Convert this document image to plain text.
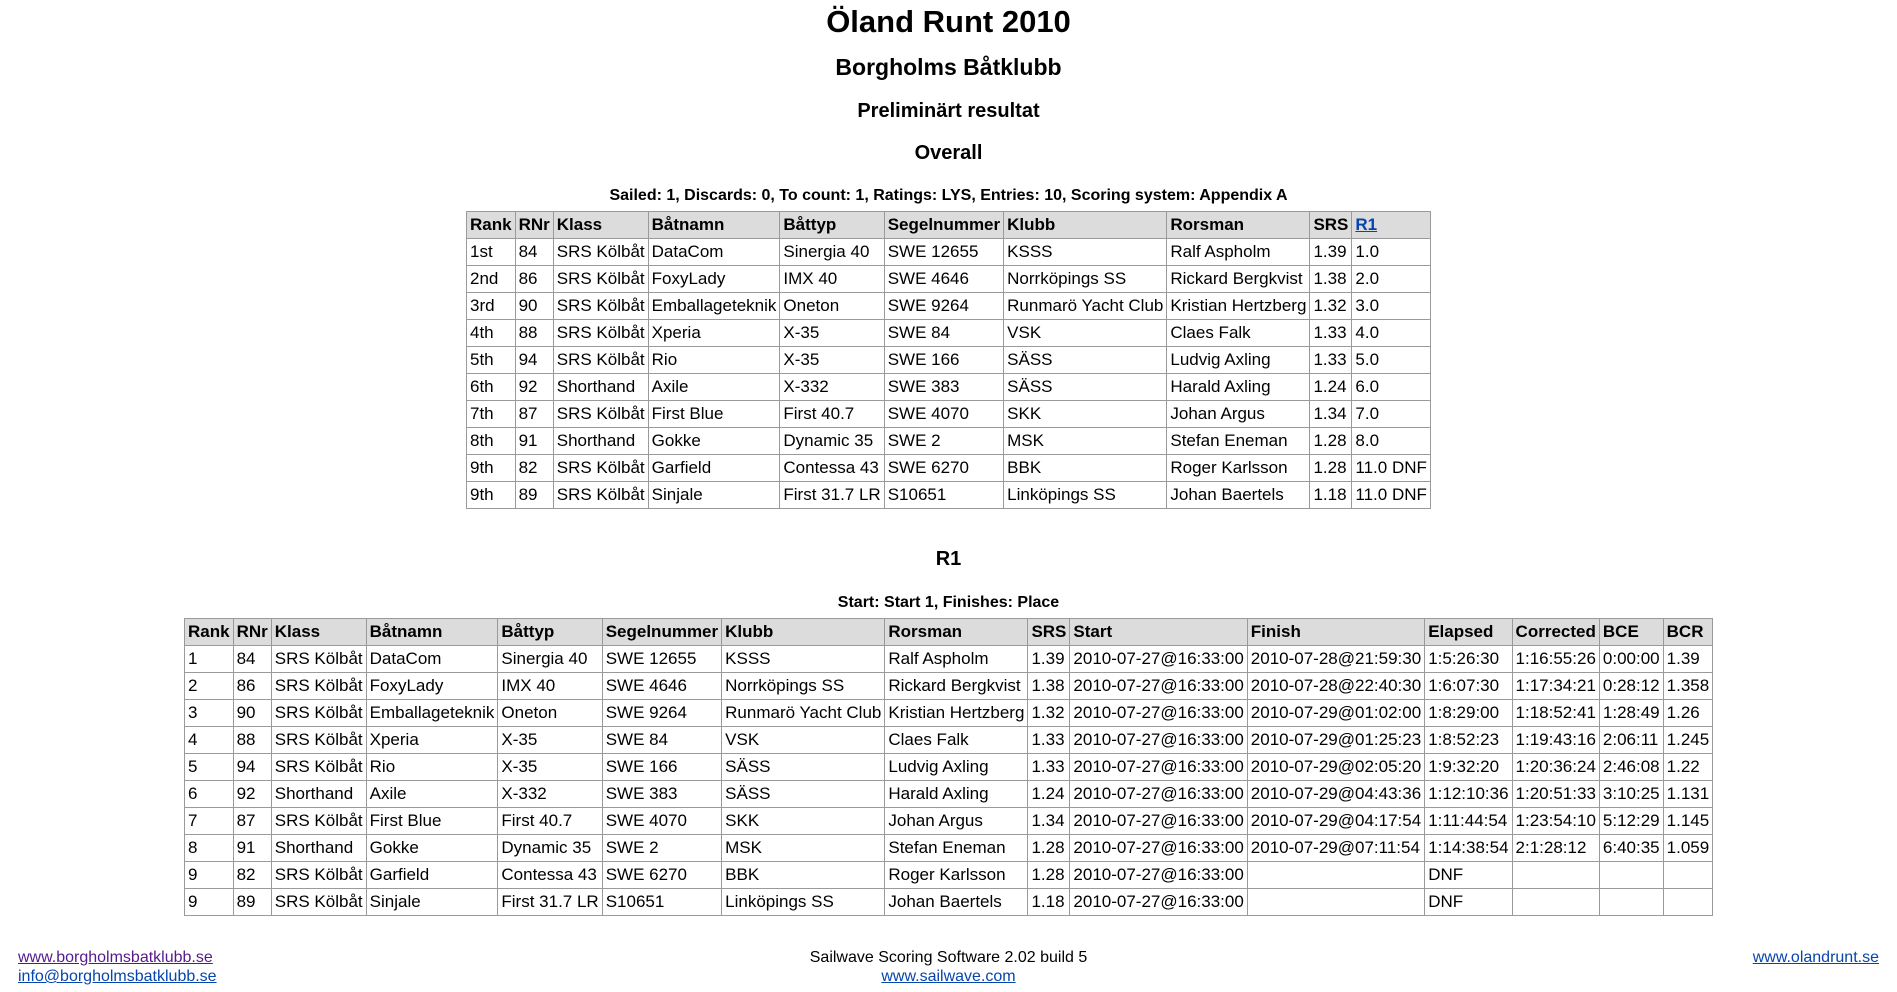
Öland Runt 2010
Borgholms Båtklubb
Preliminärt resultat
Overall
Sailed: 1, Discards: 0, To count: 1, Ratings: LYS, Entries: 10, Scoring system: Appendix A
Rank	RNr	Klass	Båtnamn	Båttyp	Segelnummer	Klubb	Rorsman	SRS	R1
1st	84	SRS Kölbåt	DataCom	Sinergia 40	SWE 12655	KSSS	Ralf Aspholm	1.39	1.0
2nd	86	SRS Kölbåt	FoxyLady	IMX 40	SWE 4646	Norrköpings SS	Rickard Bergkvist	1.38	2.0
3rd	90	SRS Kölbåt	Emballageteknik	Oneton	SWE 9264	Runmarö Yacht Club	Kristian Hertzberg	1.32	3.0
4th	88	SRS Kölbåt	Xperia	X-35	SWE 84	VSK	Claes Falk	1.33	4.0
5th	94	SRS Kölbåt	Rio	X-35	SWE 166	SÄSS	Ludvig Axling	1.33	5.0
6th	92	Shorthand	Axile	X-332	SWE 383	SÄSS	Harald Axling	1.24	6.0
7th	87	SRS Kölbåt	First Blue	First 40.7	SWE 4070	SKK	Johan Argus	1.34	7.0
8th	91	Shorthand	Gokke	Dynamic 35	SWE 2	MSK	Stefan Eneman	1.28	8.0
9th	82	SRS Kölbåt	Garfield	Contessa 43	SWE 6270	BBK	Roger Karlsson	1.28	11.0 DNF
9th	89	SRS Kölbåt	Sinjale	First 31.7 LR	S10651	Linköpings SS	Johan Baertels	1.18	11.0 DNF
R1
Start: Start 1, Finishes: Place
Rank	RNr	Klass	Båtnamn	Båttyp	Segelnummer	Klubb	Rorsman	SRS	Start	Finish	Elapsed	Corrected	BCE	BCR
1	84	SRS Kölbåt	DataCom	Sinergia 40	SWE 12655	KSSS	Ralf Aspholm	1.39	2010-07-27@16:33:00	2010-07-28@21:59:30	1:5:26:30	1:16:55:26	0:00:00	1.39
2	86	SRS Kölbåt	FoxyLady	IMX 40	SWE 4646	Norrköpings SS	Rickard Bergkvist	1.38	2010-07-27@16:33:00	2010-07-28@22:40:30	1:6:07:30	1:17:34:21	0:28:12	1.358
3	90	SRS Kölbåt	Emballageteknik	Oneton	SWE 9264	Runmarö Yacht Club	Kristian Hertzberg	1.32	2010-07-27@16:33:00	2010-07-29@01:02:00	1:8:29:00	1:18:52:41	1:28:49	1.26
4	88	SRS Kölbåt	Xperia	X-35	SWE 84	VSK	Claes Falk	1.33	2010-07-27@16:33:00	2010-07-29@01:25:23	1:8:52:23	1:19:43:16	2:06:11	1.245
5	94	SRS Kölbåt	Rio	X-35	SWE 166	SÄSS	Ludvig Axling	1.33	2010-07-27@16:33:00	2010-07-29@02:05:20	1:9:32:20	1:20:36:24	2:46:08	1.22
6	92	Shorthand	Axile	X-332	SWE 383	SÄSS	Harald Axling	1.24	2010-07-27@16:33:00	2010-07-29@04:43:36	1:12:10:36	1:20:51:33	3:10:25	1.131
7	87	SRS Kölbåt	First Blue	First 40.7	SWE 4070	SKK	Johan Argus	1.34	2010-07-27@16:33:00	2010-07-29@04:17:54	1:11:44:54	1:23:54:10	5:12:29	1.145
8	91	Shorthand	Gokke	Dynamic 35	SWE 2	MSK	Stefan Eneman	1.28	2010-07-27@16:33:00	2010-07-29@07:11:54	1:14:38:54	2:1:28:12	6:40:35	1.059
9	82	SRS Kölbåt	Garfield	Contessa 43	SWE 6270	BBK	Roger Karlsson	1.28	2010-07-27@16:33:00		DNF			
9	89	SRS Kölbåt	Sinjale	First 31.7 LR	S10651	Linköpings SS	Johan Baertels	1.18	2010-07-27@16:33:00		DNF			
www.borgholmsbatklubb.se
info@borgholmsbatklubb.se
Sailwave Scoring Software 2.02 build 5
www.sailwave.com
www.olandrunt.se
